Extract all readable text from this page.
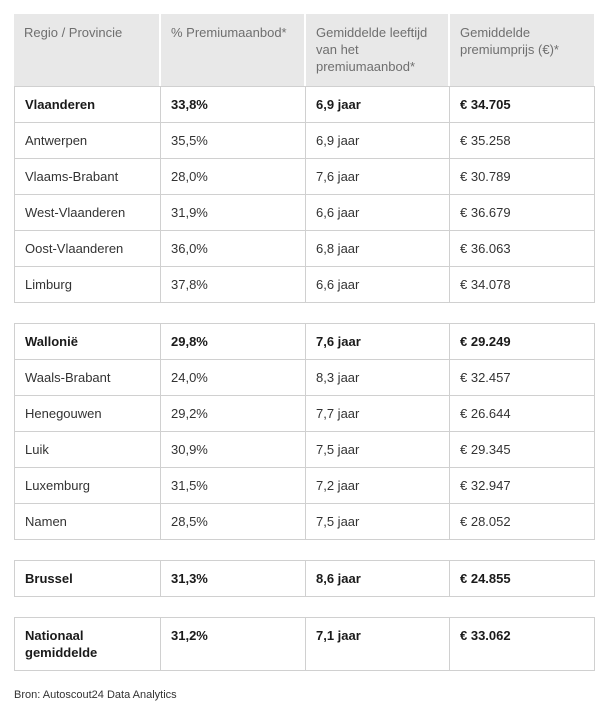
Regio / Provincie	% Premiumaanbod*	Gemiddelde leeftijd van het premiumaanbod*	Gemiddelde premiumprijs (€)*
Vlaanderen	33,8%	6,9 jaar	€ 34.705
Antwerpen	35,5%	6,9 jaar	€ 35.258
Vlaams-Brabant	28,0%	7,6 jaar	€ 30.789
West-Vlaanderen	31,9%	6,6 jaar	€ 36.679
Oost-Vlaanderen	36,0%	6,8 jaar	€ 36.063
Limburg	37,8%	6,6 jaar	€ 34.078
Wallonië	29,8%	7,6 jaar	€ 29.249
Waals-Brabant	24,0%	8,3 jaar	€ 32.457
Henegouwen	29,2%	7,7 jaar	€ 26.644
Luik	30,9%	7,5 jaar	€ 29.345
Luxemburg	31,5%	7,2 jaar	€ 32.947
Namen	28,5%	7,5 jaar	€ 28.052
Brussel	31,3%	8,6 jaar	€ 24.855
Nationaal gemiddelde	31,2%	7,1 jaar	€ 33.062
Bron: Autoscout24 Data Analytics
